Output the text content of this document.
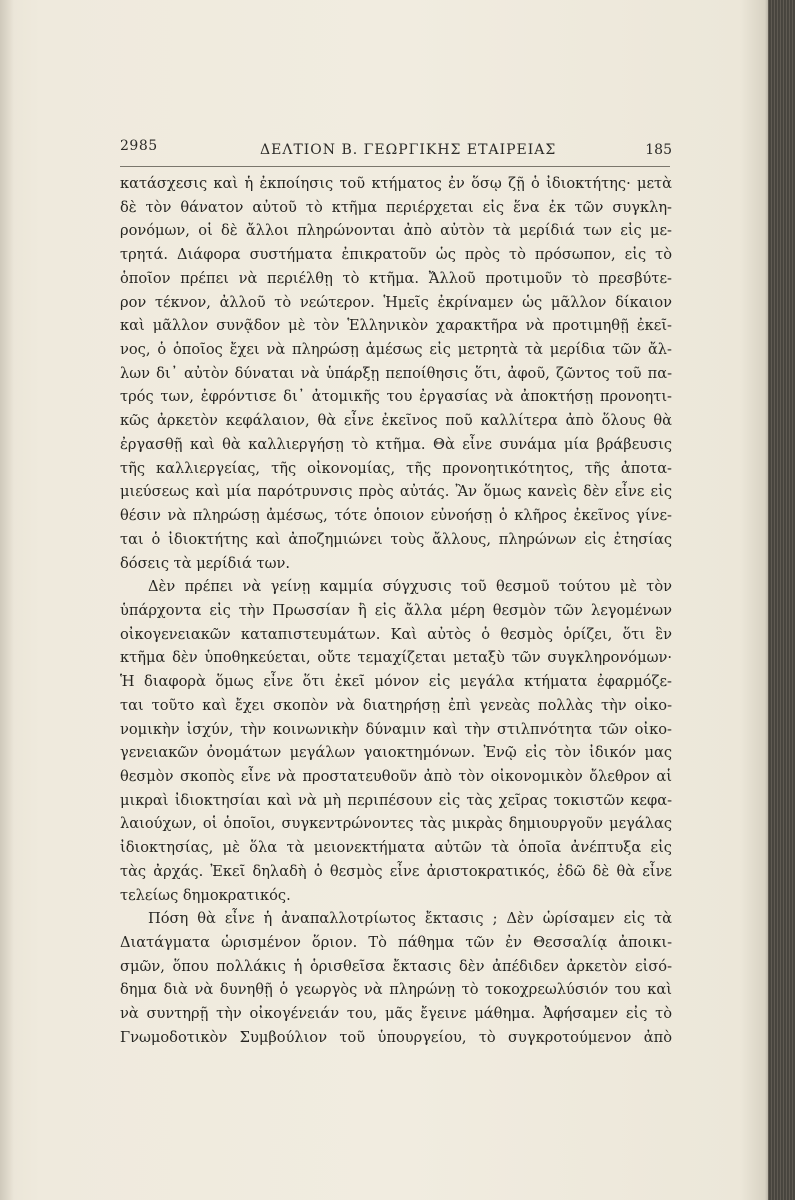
2985	ΔΕΛΤΙΟΝ Β. ΓΕΩΡΓΙΚΗΣ ΕΤΑΙΡΕΙΑΣ	185
κατάσχεσις καὶ ἡ ἐκποίησις τοῦ κτήματος ἐν ὅσῳ ζῇ ὁ ἰδιοκτήτης· μετὰ
δὲ τὸν θάνατον αὐτοῦ τὸ κτῆμα περιέρχεται εἰς ἕνα ἐκ τῶν συγκλη-
ρονόμων, οἱ δὲ ἄλλοι πληρώνονται ἀπὸ αὐτὸν τὰ μερίδιά των εἰς με-
τρητά. Διάφορα συστήματα ἐπικρατοῦν ὡς πρὸς τὸ πρόσωπον, εἰς τὸ
ὁποῖον πρέπει νὰ περιέλθῃ τὸ κτῆμα. Ἄλλοῦ προτιμοῦν τὸ πρεσβύτε-
ρον τέκνον, ἀλλοῦ τὸ νεώτερον. Ἡμεῖς ἐκρίναμεν ὡς μᾶλλον δίκαιον
καὶ μᾶλλον συνᾷδον μὲ τὸν Ἑλληνικὸν χαρακτῆρα νὰ προτιμηθῇ ἐκεῖ-
νος, ὁ ὁποῖος ἔχει νὰ πληρώσῃ ἀμέσως εἰς μετρητὰ τὰ μερίδια τῶν ἄλ-
λων δι᾽ αὐτὸν δύναται νὰ ὑπάρξῃ πεποίθησις ὅτι, ἀφοῦ, ζῶντος τοῦ πα-
τρός των, ἐφρόντισε δι᾽ ἀτομικῆς του ἐργασίας νὰ ἀποκτήσῃ προνοητι-
κῶς ἀρκετὸν κεφάλαιον, θὰ εἶνε ἐκεῖνος ποῦ καλλίτερα ἀπὸ ὅλους θὰ
ἐργασθῇ καὶ θὰ καλλιεργήσῃ τὸ κτῆμα. Θὰ εἶνε συνάμα μία βράβευσις
τῆς καλλιεργείας, τῆς οἰκονομίας, τῆς προνοητικότητος, τῆς ἀποτα-
μιεύσεως καὶ μία παρότρυνσις πρὸς αὐτάς. Ἂν ὅμως κανεὶς δὲν εἶνε εἰς
θέσιν νὰ πληρώσῃ ἀμέσως, τότε ὁποιον εὐνοήσῃ ὁ κλῆρος ἐκεῖνος γίνε-
ται ὁ ἰδιοκτήτης καὶ ἀποζημιώνει τοὺς ἄλλους, πληρώνων εἰς ἐτησίας
δόσεις τὰ μερίδιά των.
Δὲν πρέπει νὰ γείνῃ καμμία σύγχυσις τοῦ θεσμοῦ τούτου μὲ τὸν
ὑπάρχοντα εἰς τὴν Πρωσσίαν ἢ εἰς ἄλλα μέρη θεσμὸν τῶν λεγομένων
οἰκογενειακῶν καταπιστευμάτων. Καὶ αὐτὸς ὁ θεσμὸς ὁρίζει, ὅτι ἓν
κτῆμα δὲν ὑποθηκεύεται, οὔτε τεμαχίζεται μεταξὺ τῶν συγκληρονόμων·
Ἡ διαφορὰ ὅμως εἶνε ὅτι ἐκεῖ μόνον εἰς μεγάλα κτήματα ἐφαρμόζε-
ται τοῦτο καὶ ἔχει σκοπὸν νὰ διατηρήσῃ ἐπὶ γενεὰς πολλὰς τὴν οἰκο-
νομικὴν ἰσχύν, τὴν κοινωνικὴν δύναμιν καὶ τὴν στιλπνότητα τῶν οἰκο-
γενειακῶν ὀνομάτων μεγάλων γαιοκτημόνων. Ἐνῷ εἰς τὸν ἰδικόν μας
θεσμὸν σκοπὸς εἶνε νὰ προστατευθοῦν ἀπὸ τὸν οἰκονομικὸν ὄλεθρον αἱ
μικραὶ ἰδιοκτησίαι καὶ νὰ μὴ περιπέσουν εἰς τὰς χεῖρας τοκιστῶν κεφα-
λαιούχων, οἱ ὁποῖοι, συγκεντρώνοντες τὰς μικρὰς δημιουργοῦν μεγάλας
ἰδιοκτησίας, μὲ ὅλα τὰ μειονεκτήματα αὐτῶν τὰ ὁποῖα ἀνέπτυξα εἰς
τὰς ἀρχάς. Ἐκεῖ δηλαδὴ ὁ θεσμὸς εἶνε ἀριστοκρατικός, ἐδῶ δὲ θὰ εἶνε
τελείως δημοκρατικός.
Πόση θὰ εἶνε ἡ ἀναπαλλοτρίωτος ἔκτασις ; Δὲν ὡρίσαμεν εἰς τὰ
Διατάγματα ὡρισμένον ὅριον. Τὸ πάθημα τῶν ἐν Θεσσαλίᾳ ἀποικι-
σμῶν, ὅπου πολλάκις ἡ ὁρισθεῖσα ἔκτασις δὲν ἀπέδιδεν ἀρκετὸν εἰσό-
δημα διὰ νὰ δυνηθῇ ὁ γεωργὸς νὰ πληρώνῃ τὸ τοκοχρεωλύσιόν του καὶ
νὰ συντηρῇ τὴν οἰκογένειάν του, μᾶς ἔγεινε μάθημα. Ἀφήσαμεν εἰς τὸ
Γνωμοδοτικὸν Συμβούλιον τοῦ ὑπουργείου, τὸ συγκροτούμενον ἀπὸ
